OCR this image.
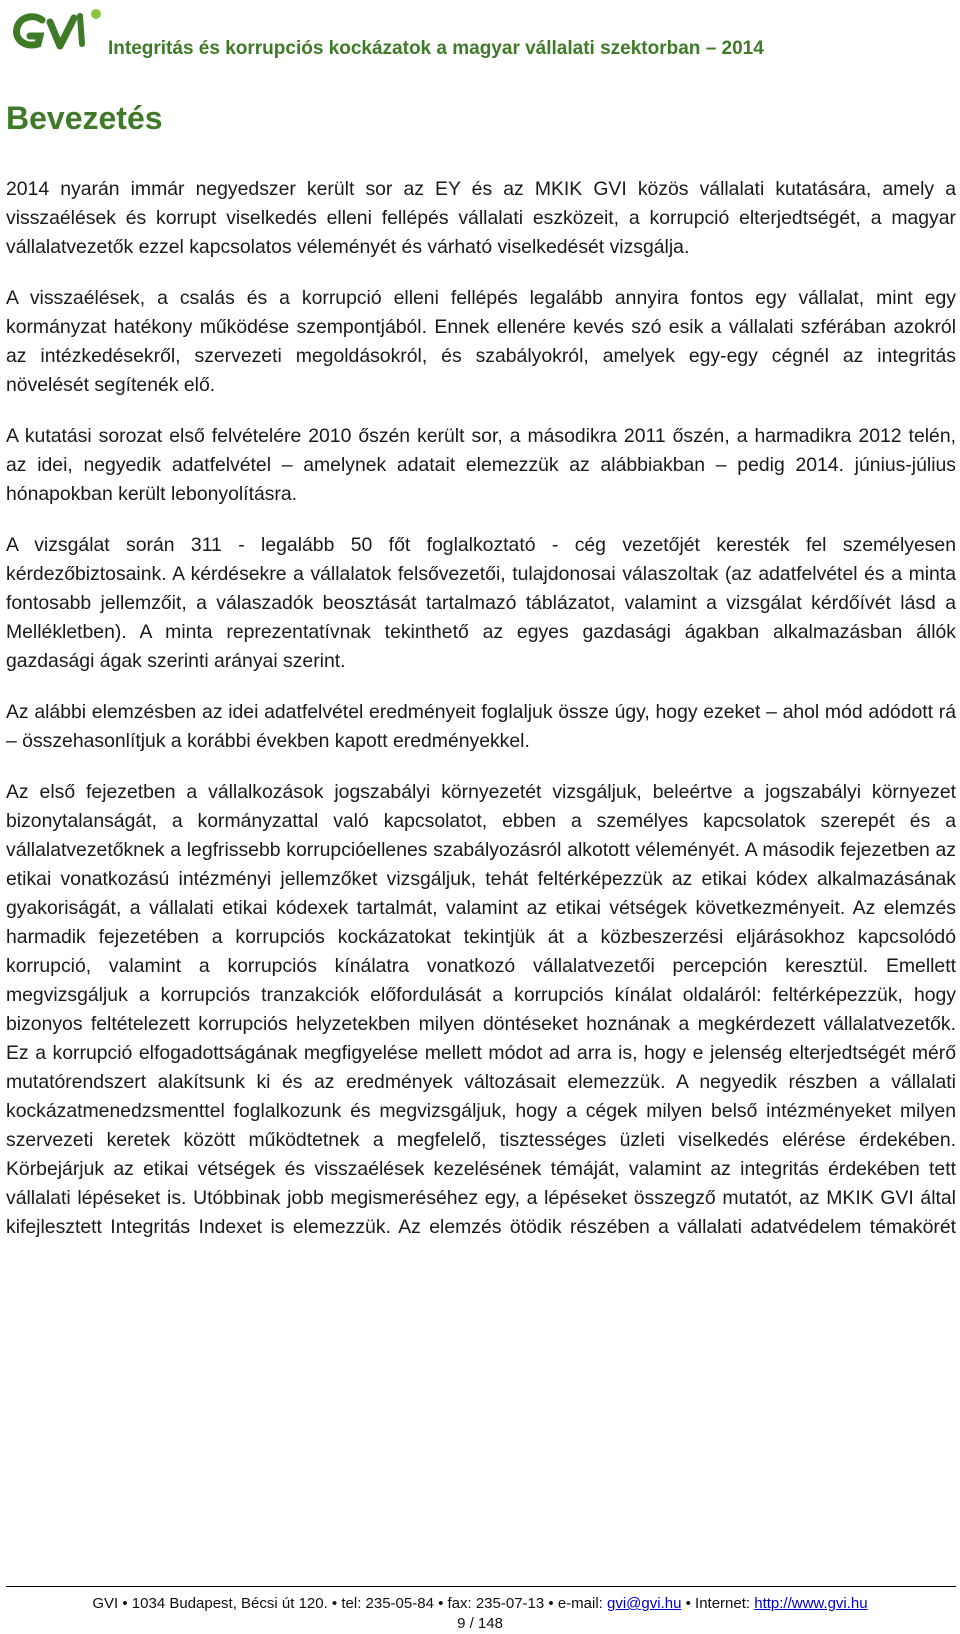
Integritás és korrupciós kockázatok a magyar vállalati szektorban – 2014
Bevezetés

2014 nyarán immár negyedszer került sor az EY és az MKIK GVI közös vállalati kutatására, amely a visszaélések és korrupt viselkedés elleni fellépés vállalati eszközeit, a korrupció elterjedtségét, a magyar vállalatvezetők ezzel kapcsolatos véleményét és várható viselkedését vizsgálja.

A visszaélések, a csalás és a korrupció elleni fellépés legalább annyira fontos egy vállalat, mint egy kormányzat hatékony működése szempontjából. Ennek ellenére kevés szó esik a vállalati szférában azokról az intézkedésekről, szervezeti megoldásokról, és szabályokról, amelyek egy-egy cégnél az integritás növelését segítenék elő.

A kutatási sorozat első felvételére 2010 őszén került sor, a másodikra 2011 őszén, a harmadikra 2012 telén, az idei, negyedik adatfelvétel – amelynek adatait elemezzük az alábbiakban – pedig 2014. június-július hónapokban került lebonyolításra.

A vizsgálat során 311 - legalább 50 főt foglalkoztató - cég vezetőjét keresték fel személyesen kérdezőbiztosaink. A kérdésekre a vállalatok felsővezetői, tulajdonosai válaszoltak (az adatfelvétel és a minta fontosabb jellemzőit, a válaszadók beosztását tartalmazó táblázatot, valamint a vizsgálat kérdőívét lásd a Mellékletben). A minta reprezentatívnak tekinthető az egyes gazdasági ágakban alkalmazásban állók gazdasági ágak szerinti arányai szerint.

Az alábbi elemzésben az idei adatfelvétel eredményeit foglaljuk össze úgy, hogy ezeket – ahol mód adódott rá – összehasonlítjuk a korábbi években kapott eredményekkel.

Az első fejezetben a vállalkozások jogszabályi környezetét vizsgáljuk, beleértve a jogszabályi környezet bizonytalanságát, a kormányzattal való kapcsolatot, ebben a személyes kapcsolatok szerepét és a vállalatvezetőknek a legfrissebb korrupcióellenes szabályozásról alkotott véleményét. A második fejezetben az etikai vonatkozású intézményi jellemzőket vizsgáljuk, tehát feltérképezzük az etikai kódex alkalmazásának gyakoriságát, a vállalati etikai kódexek tartalmát, valamint az etikai vétségek következményeit. Az elemzés harmadik fejezetében a korrupciós kockázatokat tekintjük át a közbeszerzési eljárásokhoz kapcsolódó korrupció, valamint a korrupciós kínálatra vonatkozó vállalatvezetői percepción keresztül. Emellett megvizsgáljuk a korrupciós tranzakciók előfordulását a korrupciós kínálat oldaláról: feltérképezzük, hogy bizonyos feltételezett korrupciós helyzetekben milyen döntéseket hoznának a megkérdezett vállalatvezetők. Ez a korrupció elfogadottságának megfigyelése mellett módot ad arra is, hogy e jelenség elterjedtségét mérő mutatórendszert alakítsunk ki és az eredmények változásait elemezzük. A negyedik részben a vállalati kockázatmenedzsmenttel foglalkozunk és megvizsgáljuk, hogy a cégek milyen belső intézményeket milyen szervezeti keretek között működtetnek a megfelelő, tisztességes üzleti viselkedés elérése érdekében. Körbejárjuk az etikai vétségek és visszaélések kezelésének témáját, valamint az integritás érdekében tett vállalati lépéseket is. Utóbbinak jobb megismeréséhez egy, a lépéseket összegző mutatót, az MKIK GVI által kifejlesztett Integritás Indexet is elemezzük. Az elemzés ötödik részében a vállalati adatvédelem témakörét

GVI • 1034 Budapest, Bécsi út 120. • tel: 235-05-84 • fax: 235-07-13 • e-mail: gvi@gvi.hu • Internet: http://www.gvi.hu
9 / 148
